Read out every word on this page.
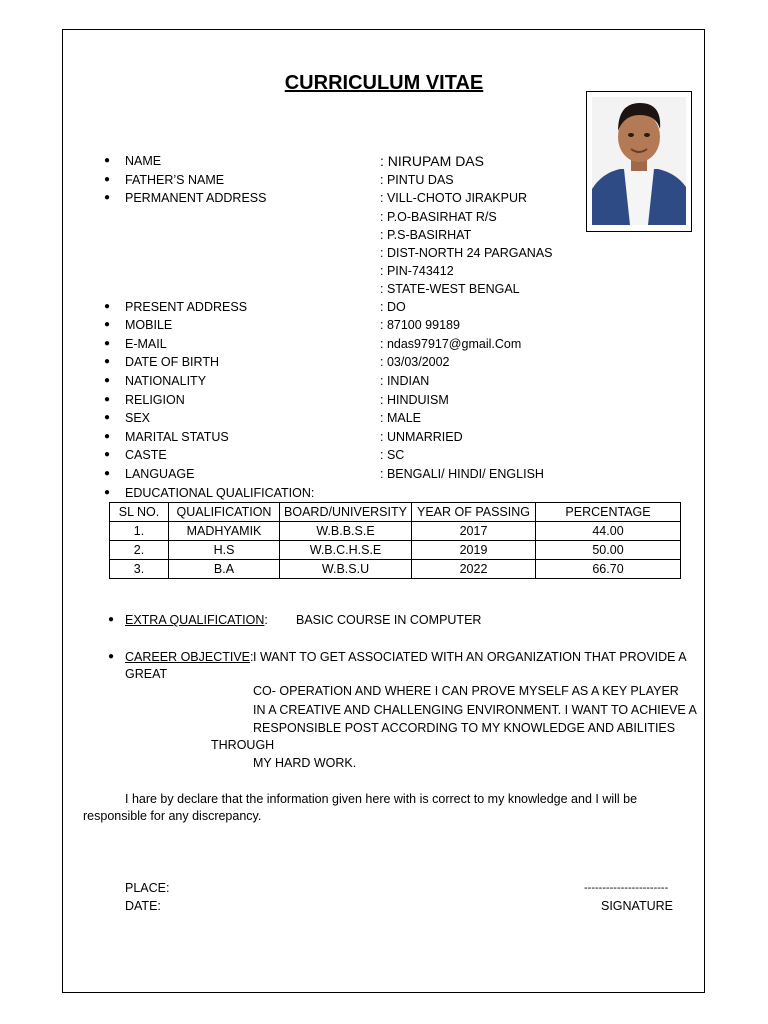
CURRICULUM VITAE
● NAME	: NIRUPAM DAS
● FATHER’S NAME	: PINTU DAS
● PERMANENT ADDRESS	: VILL-CHOTO JIRAKPUR
: P.O-BASIRHAT R/S
: P.S-BASIRHAT
: DIST-NORTH 24 PARGANAS
: PIN-743412
: STATE-WEST BENGAL
● PRESENT ADDRESS	: DO
● MOBILE	: 87100 99189
● E-MAIL	: ndas97917@gmail.Com
● DATE OF BIRTH	: 03/03/2002
● NATIONALITY	: INDIAN
● RELIGION	: HINDUISM
● SEX	: MALE
● MARITAL STATUS	: UNMARRIED
● CASTE	: SC
● LANGUAGE	: BENGALI/ HINDI/ ENGLISH
● EDUCATIONAL QUALIFICATION:
SL NO.	QUALIFICATION	BOARD/UNIVERSITY	YEAR OF PASSING	PERCENTAGE
1.	MADHYAMIK	W.B.B.S.E	2017	44.00
2.	H.S	W.B.C.H.S.E	2019	50.00
3.	B.A	W.B.S.U	2022	66.70
● EXTRA QUALIFICATION: BASIC COURSE IN COMPUTER
● CAREER OBJECTIVE: I WANT TO GET ASSOCIATED WITH AN ORGANIZATION THAT PROVIDE A
GREAT
CO- OPERATION AND WHERE I CAN PROVE MYSELF AS A KEY PLAYER
IN A CREATIVE AND CHALLENGING ENVIRONMENT. I WANT TO ACHIEVE A
RESPONSIBLE POST ACCORDING TO MY KNOWLEDGE AND ABILITIES
THROUGH
MY HARD WORK.
I hare by declare that the information given here with is correct to my knowledge and I will be
responsible for any discrepancy.
PLACE:
DATE:
-----------------------
SIGNATURE
